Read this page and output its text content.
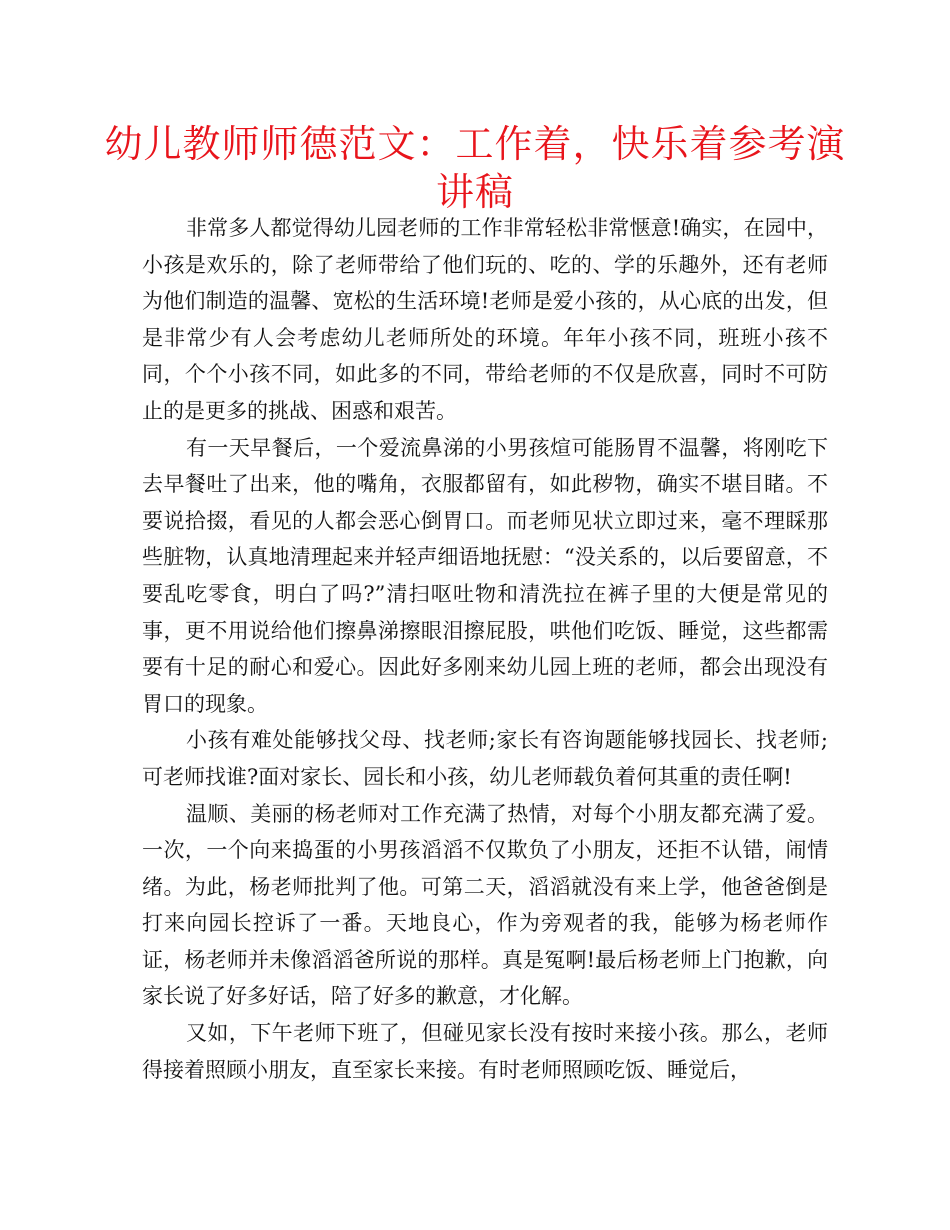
幼儿教师师德范文：工作着，快乐着参考演讲稿

非常多人都觉得幼儿园老师的工作非常轻松非常惬意!确实，在园中，小孩是欢乐的，除了老师带给了他们玩的、吃的、学的乐趣外，还有老师为他们制造的温馨、宽松的生活环境!老师是爱小孩的，从心底的出发，但是非常少有人会考虑幼儿老师所处的环境。年年小孩不同，班班小孩不同，个个小孩不同，如此多的不同，带给老师的不仅是欣喜，同时不可防止的是更多的挑战、困惑和艰苦。

有一天早餐后，一个爱流鼻涕的小男孩煊可能肠胃不温馨，将刚吃下去早餐吐了出来，他的嘴角，衣服都留有，如此秽物，确实不堪目睹。不要说拾掇，看见的人都会恶心倒胃口。而老师见状立即过来，毫不理睬那些脏物，认真地清理起来并轻声细语地抚慰：“没关系的，以后要留意，不要乱吃零食，明白了吗?”清扫呕吐物和清洗拉在裤子里的大便是常见的事，更不用说给他们擦鼻涕擦眼泪擦屁股，哄他们吃饭、睡觉，这些都需要有十足的耐心和爱心。因此好多刚来幼儿园上班的老师，都会出现没有胃口的现象。

小孩有难处能够找父母、找老师;家长有咨询题能够找园长、找老师;可老师找谁?面对家长、园长和小孩，幼儿老师载负着何其重的责任啊!

温顺、美丽的杨老师对工作充满了热情，对每个小朋友都充满了爱。一次，一个向来捣蛋的小男孩滔滔不仅欺负了小朋友，还拒不认错，闹情绪。为此，杨老师批判了他。可第二天，滔滔就没有来上学，他爸爸倒是打来向园长控诉了一番。天地良心，作为旁观者的我，能够为杨老师作证，杨老师并未像滔滔爸所说的那样。真是冤啊!最后杨老师上门抱歉，向家长说了好多好话，陪了好多的歉意，才化解。

又如，下午老师下班了，但碰见家长没有按时来接小孩。那么，老师得接着照顾小朋友，直至家长来接。有时老师照顾吃饭、睡觉后，
